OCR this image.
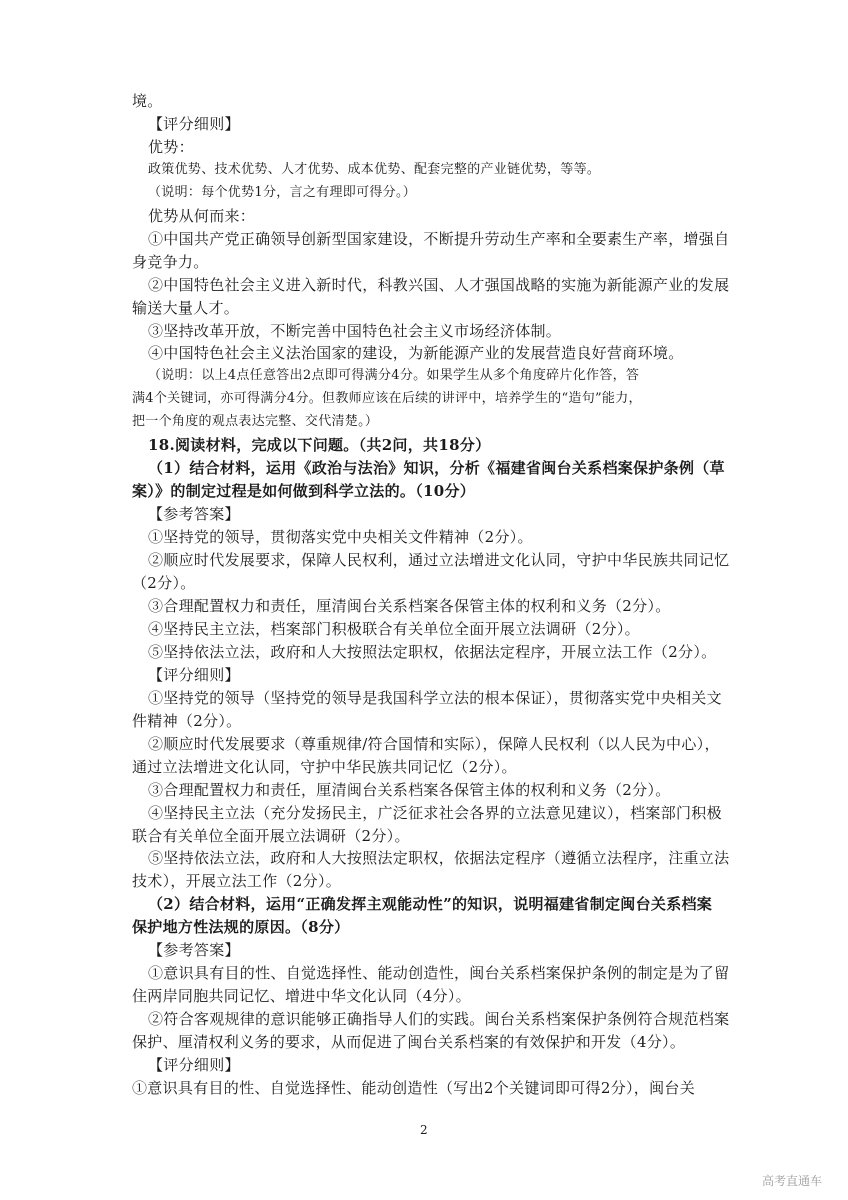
境。
【评分细则】
优势：
政策优势、技术优势、人才优势、成本优势、配套完整的产业链优势，等等。
（说明：每个优势1分，言之有理即可得分。）
优势从何而来：
①中国共产党正确领导创新型国家建设，不断提升劳动生产率和全要素生产率，增强自
身竞争力。
②中国特色社会主义进入新时代，科教兴国、人才强国战略的实施为新能源产业的发展
输送大量人才。
③坚持改革开放，不断完善中国特色社会主义市场经济体制。
④中国特色社会主义法治国家的建设，为新能源产业的发展营造良好营商环境。
（说明：以上4点任意答出2点即可得满分4分。如果学生从多个角度碎片化作答，答
满4个关键词，亦可得满分4分。但教师应该在后续的讲评中，培养学生的“造句”能力，
把一个角度的观点表达完整、交代清楚。）
18.阅读材料，完成以下问题。（共2问，共18分）
（1）结合材料，运用《政治与法治》知识，分析《福建省闽台关系档案保护条例（草
案）》的制定过程是如何做到科学立法的。（10分）
【参考答案】
①坚持党的领导，贯彻落实党中央相关文件精神（2分）。
②顺应时代发展要求，保障人民权利，通过立法增进文化认同，守护中华民族共同记忆
（2分）。
③合理配置权力和责任，厘清闽台关系档案各保管主体的权利和义务（2分）。
④坚持民主立法，档案部门积极联合有关单位全面开展立法调研（2分）。
⑤坚持依法立法，政府和人大按照法定职权，依据法定程序，开展立法工作（2分）。
【评分细则】
①坚持党的领导（坚持党的领导是我国科学立法的根本保证），贯彻落实党中央相关文
件精神（2分）。
②顺应时代发展要求（尊重规律/符合国情和实际），保障人民权利（以人民为中心），
通过立法增进文化认同，守护中华民族共同记忆（2分）。
③合理配置权力和责任，厘清闽台关系档案各保管主体的权利和义务（2分）。
④坚持民主立法（充分发扬民主，广泛征求社会各界的立法意见建议），档案部门积极
联合有关单位全面开展立法调研（2分）。
⑤坚持依法立法，政府和人大按照法定职权，依据法定程序（遵循立法程序，注重立法
技术），开展立法工作（2分）。
（2）结合材料，运用“正确发挥主观能动性”的知识，说明福建省制定闽台关系档案
保护地方性法规的原因。（8分）
【参考答案】
①意识具有目的性、自觉选择性、能动创造性，闽台关系档案保护条例的制定是为了留
住两岸同胞共同记忆、增进中华文化认同（4分）。
②符合客观规律的意识能够正确指导人们的实践。闽台关系档案保护条例符合规范档案
保护、厘清权利义务的要求，从而促进了闽台关系档案的有效保护和开发（4分）。
【评分细则】
①意识具有目的性、自觉选择性、能动创造性（写出2个关键词即可得2分），闽台关
2
高考直通车
